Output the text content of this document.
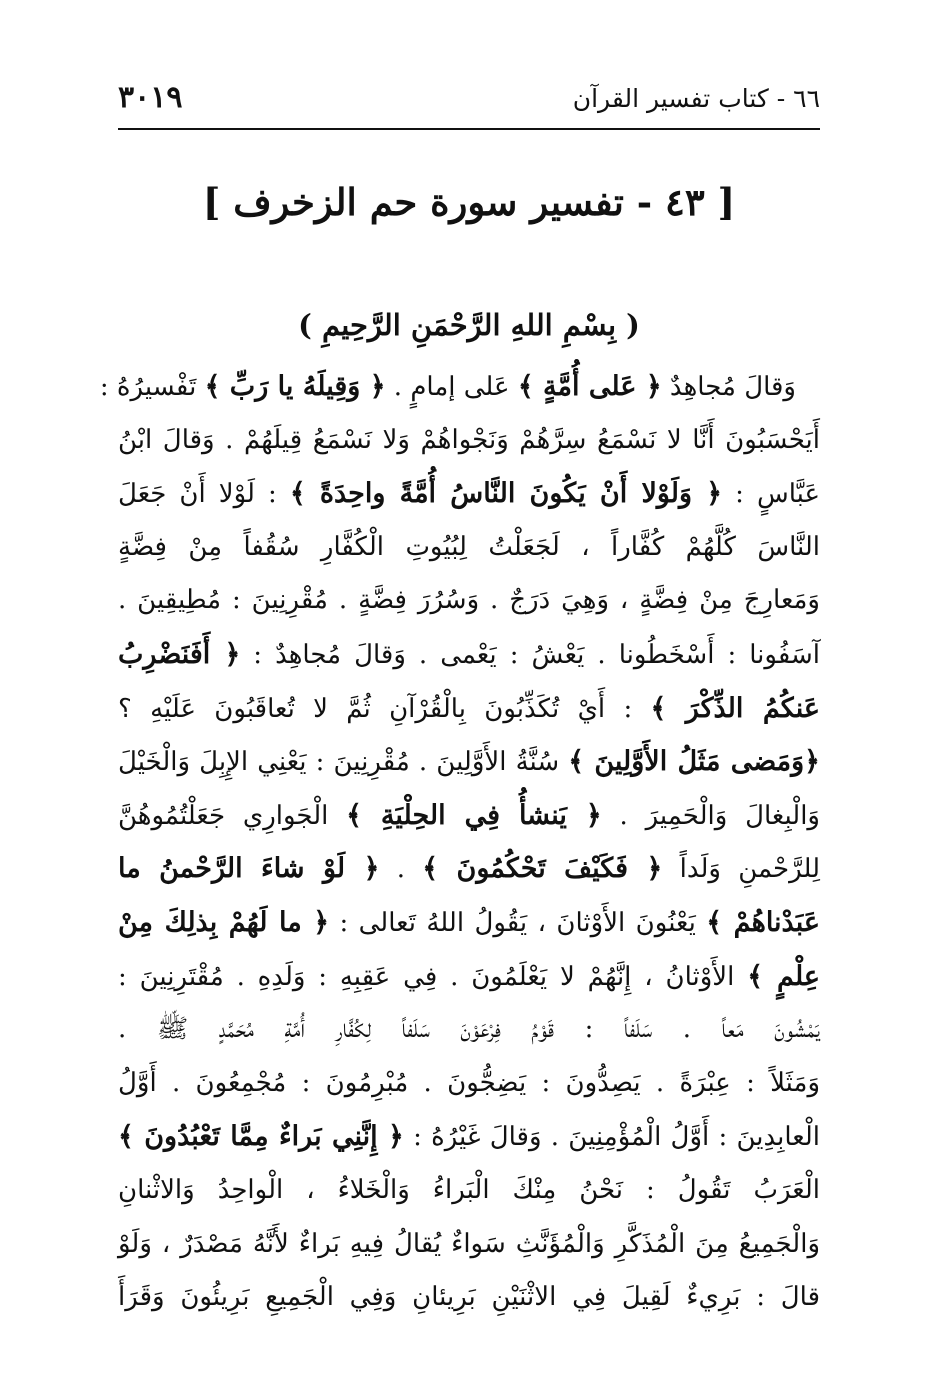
٦٦ - كتاب تفسير القرآن
٣٠١٩
[ ٤٣ - تفسير سورة حم الزخرف ]
( بِسْمِ اللهِ الرَّحْمَنِ الرَّحِيمِ )
وَقالَ مُجاهِدٌ ﴿ عَلى أُمَّةٍ ﴾ عَلى إمامٍ . ﴿ وَقِيلَهُ يا رَبِّ ﴾ تَفْسيرُهُ :
أَيَحْسَبُونَ أَنَّا لا نَسْمَعُ سِرَّهُمْ وَنَجْواهُمْ وَلا نَسْمَعُ قِيلَهُمْ . وَقالَ ابْنُ
عَبَّاسٍ : ﴿ وَلَوْلا أَنْ يَكُونَ النَّاسُ أُمَّةً واحِدَةً ﴾ : لَوْلا أَنْ جَعَلَ
النَّاسَ كُلَّهُمْ كُفَّاراً ، لَجَعَلْتُ لِبُيُوتِ الْكُفَّارِ سُقُفاً مِنْ فِضَّةٍ
وَمَعارِجَ مِنْ فِضَّةٍ ، وَهِيَ دَرَجٌ . وَسُرُرَ فِضَّةٍ . مُقْرِنِينَ : مُطِيقِينَ .
آسَفُونا : أَسْخَطُونا . يَعْشُ : يَعْمى . وَقالَ مُجاهِدٌ : ﴿ أَفَنَضْرِبُ
عَنكُمُ الذِّكْرَ ﴾ : أَيْ تُكَذِّبُونَ بِالْقُرْآنِ ثُمَّ لا تُعاقَبُونَ عَلَيْهِ ؟
﴿وَمَضى مَثَلُ الأَوَّلِينَ ﴾ سُنَّةُ الأَوَّلِينَ . مُقْرِنِينَ : يَعْنِي الإِبِلَ وَالْخَيْلَ
وَالْبِغالَ وَالْحَمِيرَ . ﴿ يَنشأُ فِي الحِلْيَةِ ﴾ الْجَوارِي جَعَلْتُمُوهُنَّ
لِلرَّحْمنِ وَلَداً ﴿ فَكَيْفَ تَحْكُمُونَ ﴾ . ﴿ لَوْ شاءَ الرَّحْمنُ ما
عَبَدْناهُمْ ﴾ يَعْنُونَ الأَوْثانَ ، يَقُولُ اللهُ تَعالى : ﴿ ما لَهُمْ بِذلِكَ مِنْ
عِلْمٍ ﴾ الأَوْثانُ ، إِنَّهُمْ لا يَعْلَمُونَ . فِي عَقِبِهِ : وَلَدِهِ . مُقْتَرِنِينَ :
يَمْشُونَ مَعاً . سَلَفاً : قَوْمُ فِرْعَوْنَ سَلَفاً لِكُفَّارِ أُمَّةِ مُحَمَّدٍ ﷺ .
وَمَثَلاً : عِبْرَةً . يَصِدُّونَ : يَضِجُّونَ . مُبْرِمُونَ : مُجْمِعُونَ . أَوَّلُ
الْعابِدِينَ : أَوَّلُ الْمُؤْمِنِينَ . وَقالَ غَيْرُهُ : ﴿ إِنَّنِي بَراءٌ مِمَّا تَعْبُدُونَ ﴾
الْعَرَبُ تَقُولُ : نَحْنُ مِنْكَ الْبَراءُ وَالْخَلاءُ ، الْواحِدُ وَالاثْنانِ
وَالْجَمِيعُ مِنَ الْمُذَكَّرِ وَالْمُؤَنَّثِ سَواءٌ يُقالُ فِيهِ بَراءٌ لأَنَّهُ مَصْدَرٌ ، وَلَوْ
قالَ : بَرِيءٌ لَقِيلَ فِي الاثْنَيْنِ بَرِيئانِ وَفِي الْجَمِيعِ بَرِيئُونَ وَقَرَأَ
